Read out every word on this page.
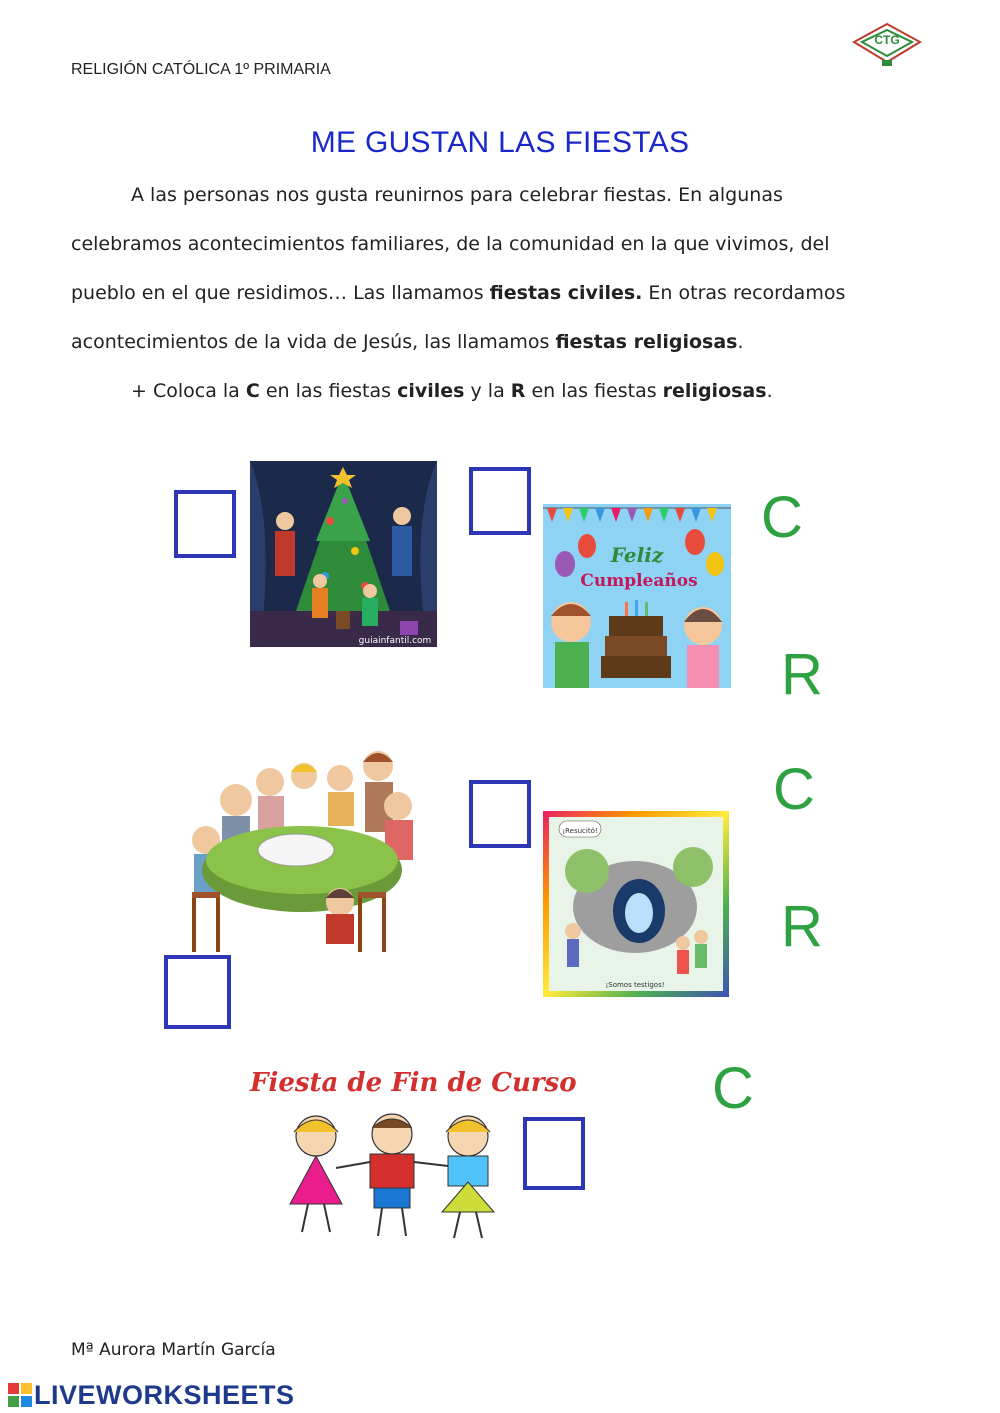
RELIGIÓN CATÓLICA 1º PRIMARIA
CTG
ME GUSTAN LAS FIESTAS

A las personas nos gusta reunirnos para celebrar fiestas. En algunas

celebramos acontecimientos familiares, de la comunidad en la que vivimos, del

pueblo en el que residimos… Las llamamos fiestas civiles. En otras recordamos

acontecimientos de la vida de Jesús, las llamamos fiestas religiosas.

+ Coloca la C en las fiestas civiles y la R en las fiestas religiosas.

guiainfantil.com
Feliz
Cumpleaños
¡Resucitó!
¡Somos testigos!
Fiesta de Fin de Curso
C
R
C
R
C
Mª Aurora Martín García
LIVEWORKSHEETS
